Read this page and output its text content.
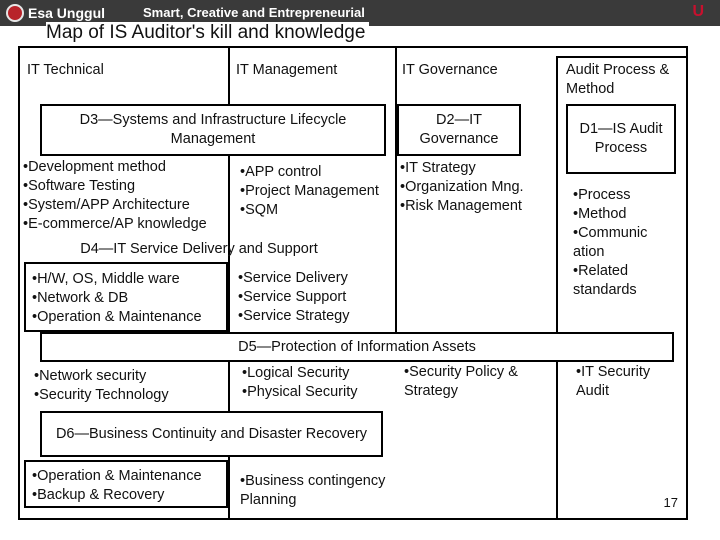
Esa Unggul	Smart, Creative and Entrepreneurial	U
Map of IS Auditor's kill and knowledge
IT Technical	IT Management	IT Governance	Audit Process & Method
D3—Systems and Infrastructure Lifecycle Management
• Development method
• Software Testing
• System/APP Architecture
• E-commerce/AP knowledge
• APP control
• Project Management
• SQM
D2—IT Governance
• IT Strategy
• Organization Mng.
• Risk Management
D1—IS Audit Process
• Process
• Method
• Communic ation
• Related standards
D4—IT Service Delivery and Support
• H/W, OS, Middle ware
• Network & DB
• Operation & Maintenance
• Service Delivery
• Service Support
• Service Strategy
D5—Protection of Information Assets
• Network security
• Security Technology
• Logical Security
• Physical Security
• Security Policy & Strategy
• IT Security Audit
D6—Business Continuity and Disaster Recovery
• Operation & Maintenance
• Backup & Recovery
• Business contingency Planning	17
